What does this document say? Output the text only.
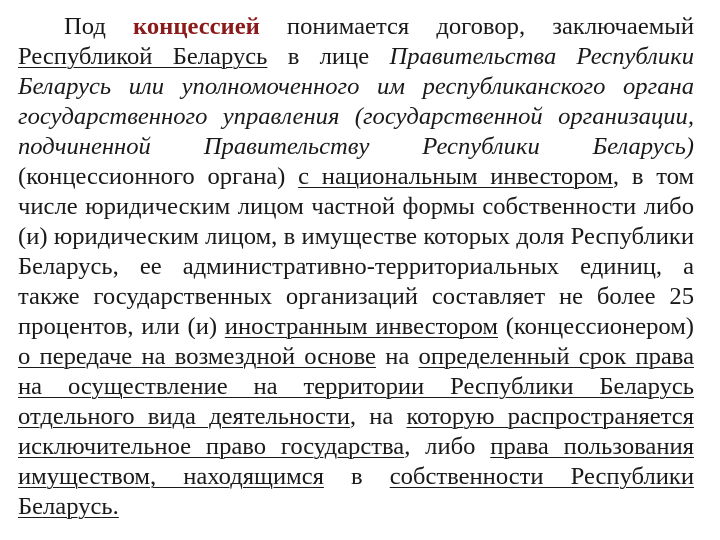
Под концессией понимается договор, заключаемый Республикой Беларусь в лице Правительства Республики Беларусь или уполномоченного им республиканского органа государственного управления (государственной организации, подчиненной Правительству Республики Беларусь) (концессионного органа) с национальным инвестором, в том числе юридическим лицом частной формы собственности либо (и) юридическим лицом, в имуществе которых доля Республики Беларусь, ее административно-территориальных единиц, а также государственных организаций составляет не более 25 процентов, или (и) иностранным инвестором (концессионером) о передаче на возмездной основе на определенный срок права на осуществление на территории Республики Беларусь отдельного вида деятельности, на которую распространяется исключительное право государства, либо права пользования имуществом, находящимся в собственности Республики Беларусь.
